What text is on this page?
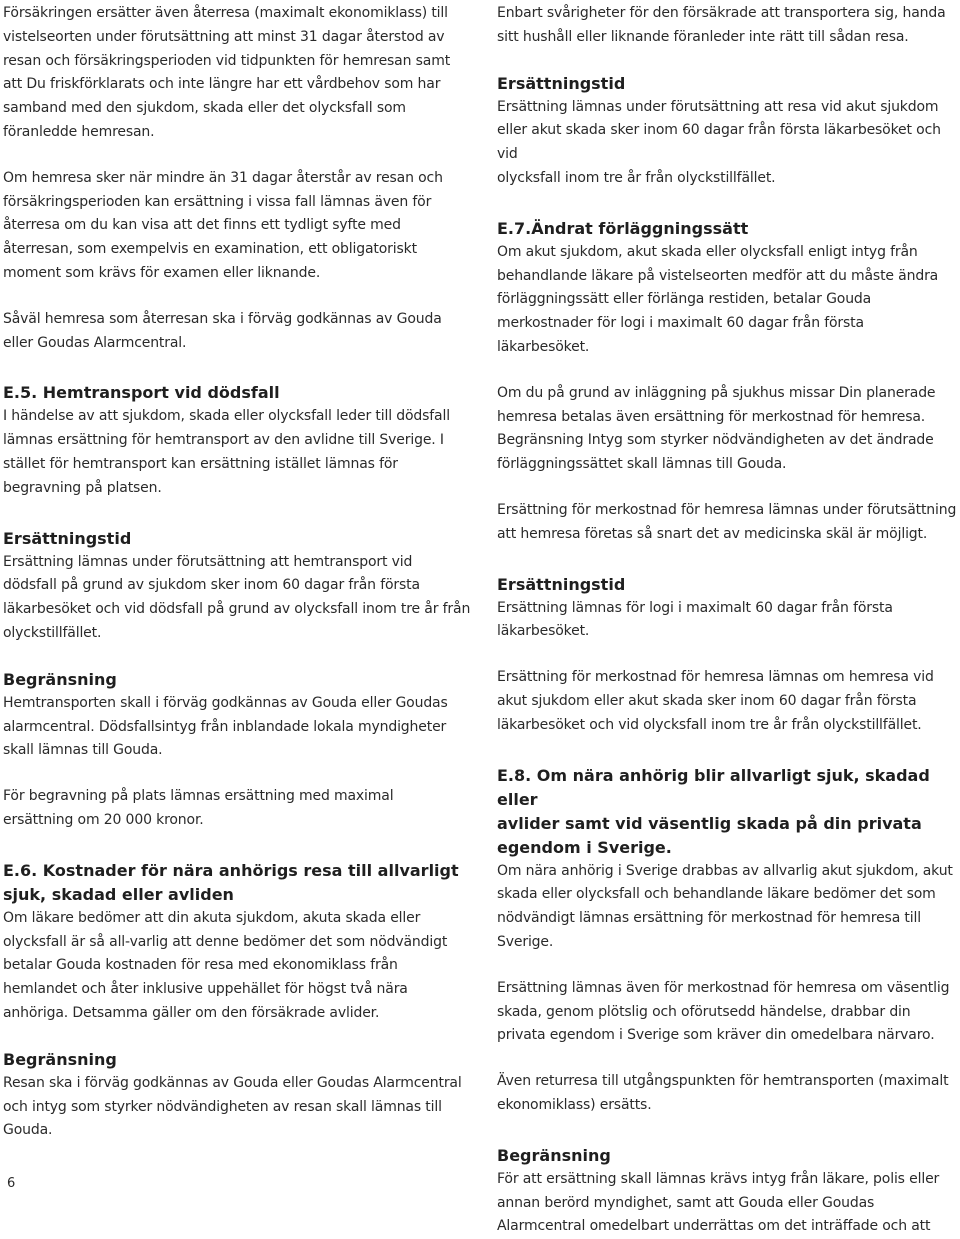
Försäkringen ersätter även återresa (maximalt ekonomiklass) till
vistelseorten under förutsättning att minst 31 dagar återstod av
resan och försäkringsperioden vid tidpunkten för hemresan samt
att Du friskförklarats och inte längre har ett vårdbehov som har
samband med den sjukdom, skada eller det olycksfall som
föranledde hemresan.

Om hemresa sker när mindre än 31 dagar återstår av resan och
försäkringsperioden kan ersättning i vissa fall lämnas även för
återresa om du kan visa att det finns ett tydligt syfte med
återresan, som exempelvis en examination, ett obligatoriskt
moment som krävs för examen eller liknande.

Såväl hemresa som återresan ska i förväg godkännas av Gouda
eller Goudas Alarmcentral.

E.5. Hemtransport vid dödsfall

I händelse av att sjukdom, skada eller olycksfall leder till dödsfall
lämnas ersättning för hemtransport av den avlidne till Sverige. I
stället för hemtransport kan ersättning istället lämnas för
begravning på platsen.

Ersättningstid

Ersättning lämnas under förutsättning att hemtransport vid
dödsfall på grund av sjukdom sker inom 60 dagar från första
läkarbesöket och vid dödsfall på grund av olycksfall inom tre år från
olyckstillfället.

Begränsning

Hemtransporten skall i förväg godkännas av Gouda eller Goudas
alarmcentral. Dödsfallsintyg från inblandade lokala myndigheter
skall lämnas till Gouda.

För begravning på plats lämnas ersättning med maximal
ersättning om 20 000 kronor.

E.6. Kostnader för nära anhörigs resa till allvarligt
sjuk, skadad eller avliden

Om läkare bedömer att din akuta sjukdom, akuta skada eller
olycksfall är så all-varlig att denne bedömer det som nödvändigt
betalar Gouda kostnaden för resa med ekonomiklass från
hemlandet och åter inklusive uppehället för högst två nära
anhöriga. Detsamma gäller om den försäkrade avlider.

Begränsning

Resan ska i förväg godkännas av Gouda eller Goudas Alarmcentral
och intyg som styrker nödvändigheten av resan skall lämnas till
Gouda.

Enbart svårigheter för den försäkrade att transportera sig, handa
sitt hushåll eller liknande föranleder inte rätt till sådan resa.

Ersättningstid

Ersättning lämnas under förutsättning att resa vid akut sjukdom
eller akut skada sker inom 60 dagar från första läkarbesöket och vid
olycksfall inom tre år från olyckstillfället.

E.7.Ändrat förläggningssätt

Om akut sjukdom, akut skada eller olycksfall enligt intyg från
behandlande läkare på vistelseorten medför att du måste ändra
förläggningssätt eller förlänga restiden, betalar Gouda
merkostnader för logi i maximalt 60 dagar från första läkarbesöket.

Om du på grund av inläggning på sjukhus missar Din planerade
hemresa betalas även ersättning för merkostnad för hemresa.
Begränsning Intyg som styrker nödvändigheten av det ändrade
förläggningssättet skall lämnas till Gouda.

Ersättning för merkostnad för hemresa lämnas under förutsättning
att hemresa företas så snart det av medicinska skäl är möjligt.

Ersättningstid

Ersättning lämnas för logi i maximalt 60 dagar från första
läkarbesöket.

Ersättning för merkostnad för hemresa lämnas om hemresa vid
akut sjukdom eller akut skada sker inom 60 dagar från första
läkarbesöket och vid olycksfall inom tre år från olyckstillfället.

E.8. Om nära anhörig blir allvarligt sjuk, skadad eller
avlider samt vid väsentlig skada på din privata
egendom i Sverige.

Om nära anhörig i Sverige drabbas av allvarlig akut sjukdom, akut
skada eller olycksfall och behandlande läkare bedömer det som
nödvändigt lämnas ersättning för merkostnad för hemresa till
Sverige.

Ersättning lämnas även för merkostnad för hemresa om väsentlig
skada, genom plötslig och oförutsedd händelse, drabbar din
privata egendom i Sverige som kräver din omedelbara närvaro.

Även returresa till utgångspunkten för hemtransporten (maximalt
ekonomiklass) ersätts.

Begränsning

För att ersättning skall lämnas krävs intyg från läkare, polis eller
annan berörd myndighet, samt att Gouda eller Goudas
Alarmcentral omedelbart underrättas om det inträffade och att

6
